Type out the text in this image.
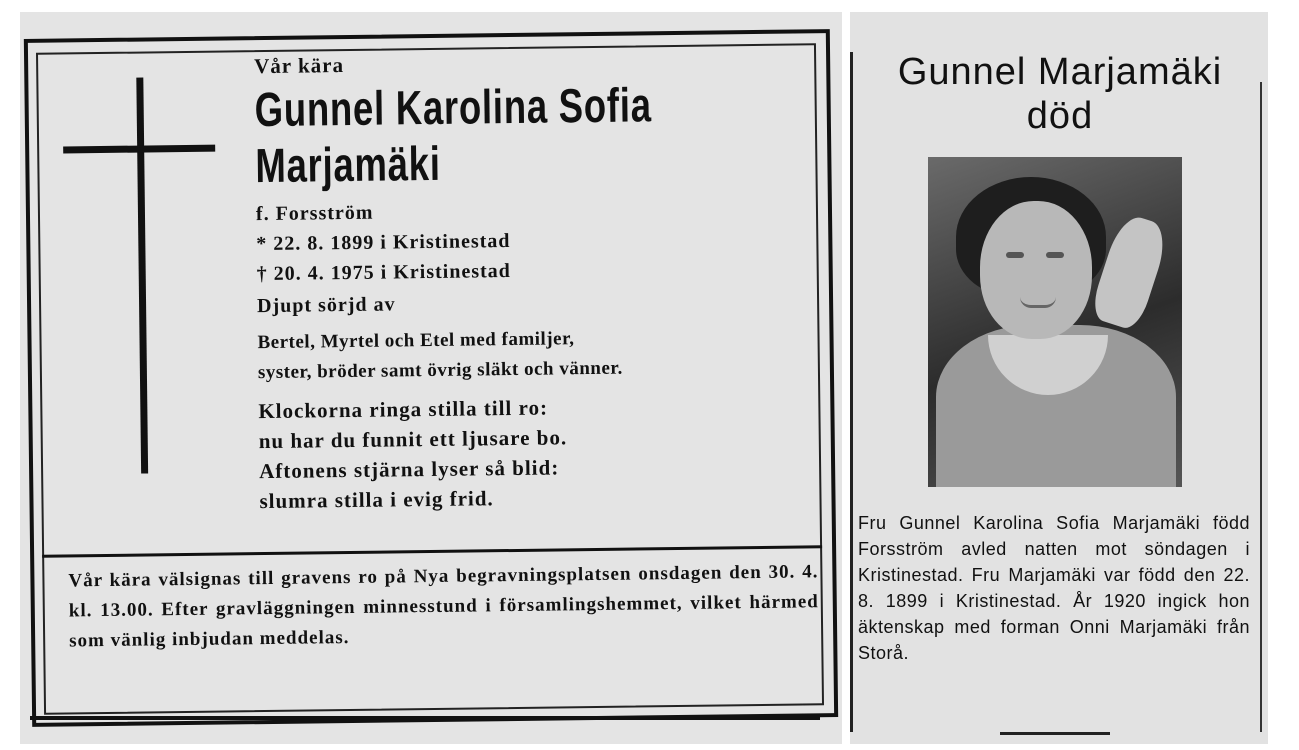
Vår kära
Gunnel Karolina Sofia
Marjamäki
f. Forsström
* 22. 8. 1899 i Kristinestad
† 20. 4. 1975 i Kristinestad
Djupt sörjd av
Bertel, Myrtel och Etel med familjer,
syster, bröder samt övrig släkt och vänner.
Klockorna ringa stilla till ro:
nu har du funnit ett ljusare bo.
Aftonens stjärna lyser så blid:
slumra stilla i evig frid.
Vår kära välsignas till gravens ro på Nya begravningsplatsen onsdagen den 30. 4. kl. 13.00. Efter gravläggningen minnesstund i församlingshemmet, vilket härmed som vänlig inbjudan meddelas.
Gunnel Marjamäki
död
Fru Gunnel Karolina Sofia Marjamäki född Forsström avled natten mot söndagen i Kristinestad. Fru Marjamäki var född den 22. 8. 1899 i Kristinestad. År 1920 ingick hon äktenskap med forman Onni Marjamäki från Storå.
